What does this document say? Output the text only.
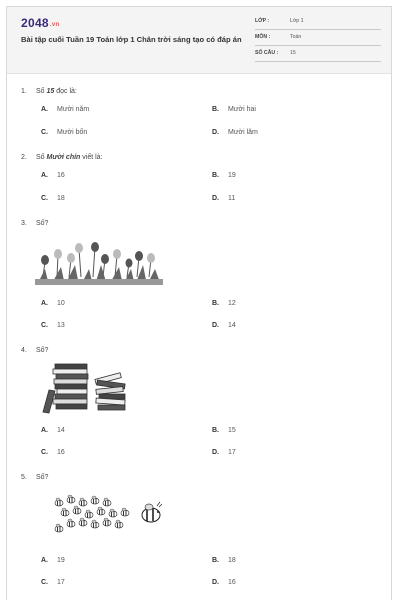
2048.vn
Bài tập cuối Tuần 19 Toán lớp 1 Chân trời sáng tạo có đáp án
LỚP :	Lớp 1
MÔN :	Toán
SỐ CÂU : 15
1. Số 15 đọc là:
A. Mười năm	B. Mười hai
C. Mười bốn	D. Mười lăm
2. Số Mười chín viết là:
A. 16	B. 19
C. 18	D. 11
3. Số?
A. 10	B. 12
C. 13	D. 14
4. Số?
A. 14	B. 15
C. 16	D. 17
5. Số?
A. 19	B. 18
C. 17	D. 16
